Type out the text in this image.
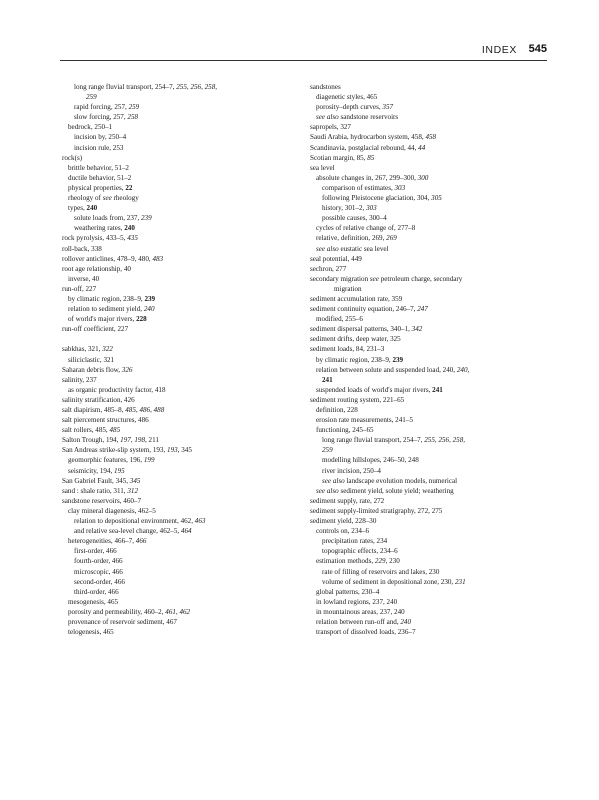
INDEX 545
long range fluvial transport, 254–7, 255, 256, 258,
259
rapid forcing, 257, 259
slow forcing, 257, 258
bedrock, 250–1
incision by, 250–4
incision rule, 253
rock(s)
brittle behavior, 51–2
ductile behavior, 51–2
physical properties, 22
rheology of see rheology
types, 240
solute loads from, 237, 239
weathering rates, 240
rock pyrolysis, 433–5, 435
roll-back, 338
rollover anticlines, 478–9, 480, 483
root age relationship, 40
inverse, 40
run-off, 227
by climatic region, 238–9, 239
relation to sediment yield, 240
of world's major rivers, 228
run-off coefficient, 227
sabkhas, 321, 322
siliciclastic, 321
Saharan debris flow, 326
salinity, 237
as organic productivity factor, 418
salinity stratification, 426
salt diapirism, 485–8, 485, 486, 488
salt piercement structures, 486
salt rollers, 485, 485
Salton Trough, 194, 197, 198, 211
San Andreas strike-slip system, 193, 193, 345
geomorphic features, 196, 199
seismicity, 194, 195
San Gabriel Fault, 345, 345
sand : shale ratio, 311, 312
sandstone reservoirs, 460–7
clay mineral diagenesis, 462–5
relation to depositional environment, 462, 463
and relative sea-level change, 462–5, 464
heterogeneities, 466–7, 466
first-order, 466
fourth-order, 466
microscopic, 466
second-order, 466
third-order, 466
mesogenesis, 465
porosity and permeability, 460–2, 461, 462
provenance of reservoir sediment, 467
telogenesis, 465
sandstones
diagenetic styles, 465
porosity–depth curves, 357
see also sandstone reservoirs
sapropels, 327
Saudi Arabia, hydrocarbon system, 458, 458
Scandinavia, postglacial rebound, 44, 44
Scotian margin, 85, 85
sea level
absolute changes in, 267, 299–300, 300
comparison of estimates, 303
following Pleistocene glaciation, 304, 305
history, 301–2, 303
possible causes, 300–4
cycles of relative change of, 277–8
relative, definition, 269, 269
see also eustatic sea level
seal potential, 449
sechron, 277
secondary migration see petroleum charge, secondary
migration
sediment accumulation rate, 359
sediment continuity equation, 246–7, 247
modified, 255–6
sediment dispersal patterns, 340–1, 342
sediment drifts, deep water, 325
sediment loads, 84, 231–3
by climatic region, 238–9, 239
relation between solute and suspended load, 240, 240,
241
suspended loads of world's major rivers, 241
sediment routing system, 221–65
definition, 228
erosion rate measurements, 241–5
functioning, 245–65
long range fluvial transport, 254–7, 255, 256, 258,
259
modelling hillslopes, 246–50, 248
river incision, 250–4
see also landscape evolution models, numerical
see also sediment yield, solute yield; weathering
sediment supply, rate, 272
sediment supply-limited stratigraphy, 272, 275
sediment yield, 228–30
controls on, 234–6
precipitation rates, 234
topographic effects, 234–6
estimation methods, 229, 230
rate of filling of reservoirs and lakes, 230
volume of sediment in depositional zone, 230, 231
global patterns, 230–4
in lowland regions, 237, 240
in mountainous areas, 237, 240
relation between run-off and, 240
transport of dissolved loads, 236–7
